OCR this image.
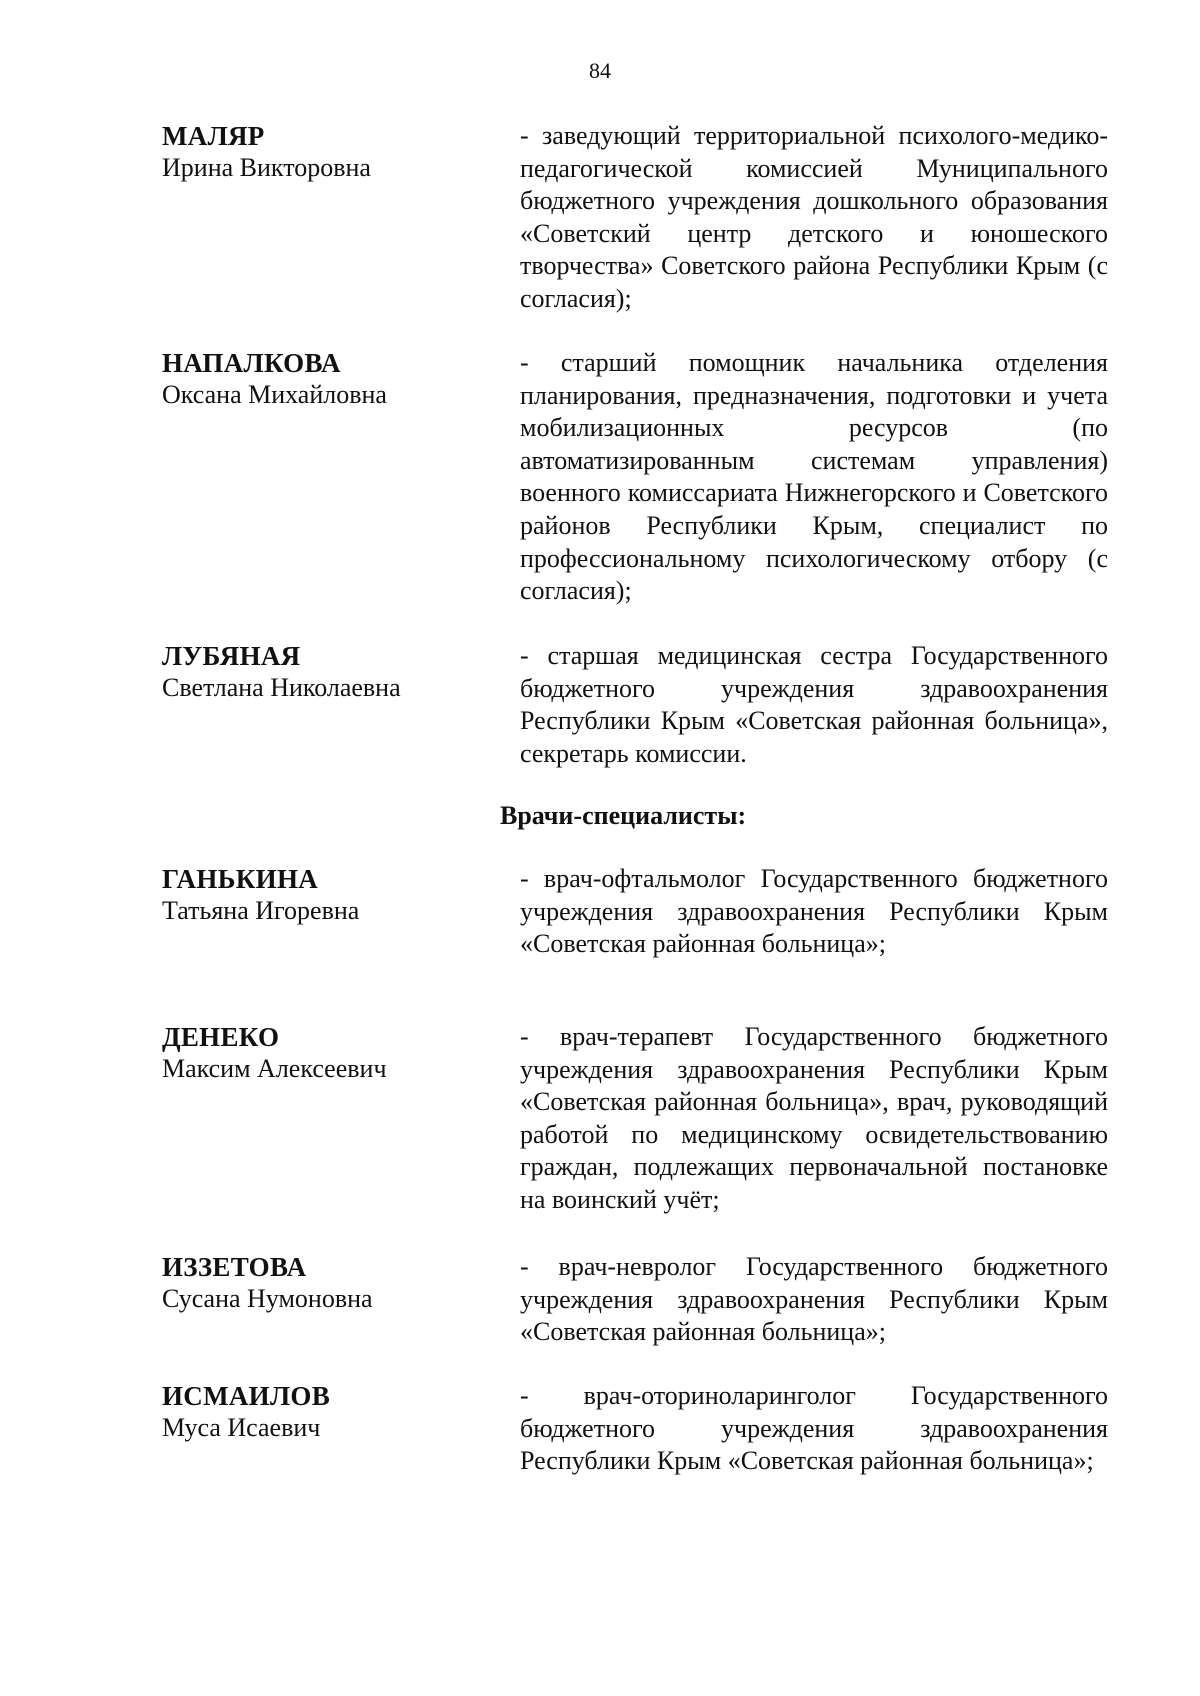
84
МАЛЯР
Ирина Викторовна
- заведующий территориальной психолого-медико-педагогической комиссией Муниципального бюджетного учреждения дошкольного образования «Советский центр детского и юношеского творчества» Советского района Республики Крым (с согласия);
НАПАЛКОВА
Оксана Михайловна
- старший помощник начальника отделения планирования, предназначения, подготовки и учета мобилизационных ресурсов (по автоматизированным системам управления) военного комиссариата Нижнегорского и Советского районов Республики Крым, специалист по профессиональному психологическому отбору (с согласия);
ЛУБЯНАЯ
Светлана Николаевна
- старшая медицинская сестра Государственного бюджетного учреждения здравоохранения Республики Крым «Советская районная больница», секретарь комиссии.
Врачи-специалисты:
ГАНЬКИНА
Татьяна Игоревна
- врач-офтальмолог Государственного бюджетного учреждения здравоохранения Республики Крым «Советская районная больница»;
ДЕНЕКО
Максим Алексеевич
- врач-терапевт Государственного бюджетного учреждения здравоохранения Республики Крым «Советская районная больница», врач, руководящий работой по медицинскому освидетельствованию граждан, подлежащих первоначальной постановке на воинский учёт;
ИЗЗЕТОВА
Сусана Нумоновна
- врач-невролог Государственного бюджетного учреждения здравоохранения Республики Крым «Советская районная больница»;
ИСМАИЛОВ
Муса Исаевич
- врач-оториноларинголог Государственного бюджетного учреждения здравоохранения Республики Крым «Советская районная больница»;
